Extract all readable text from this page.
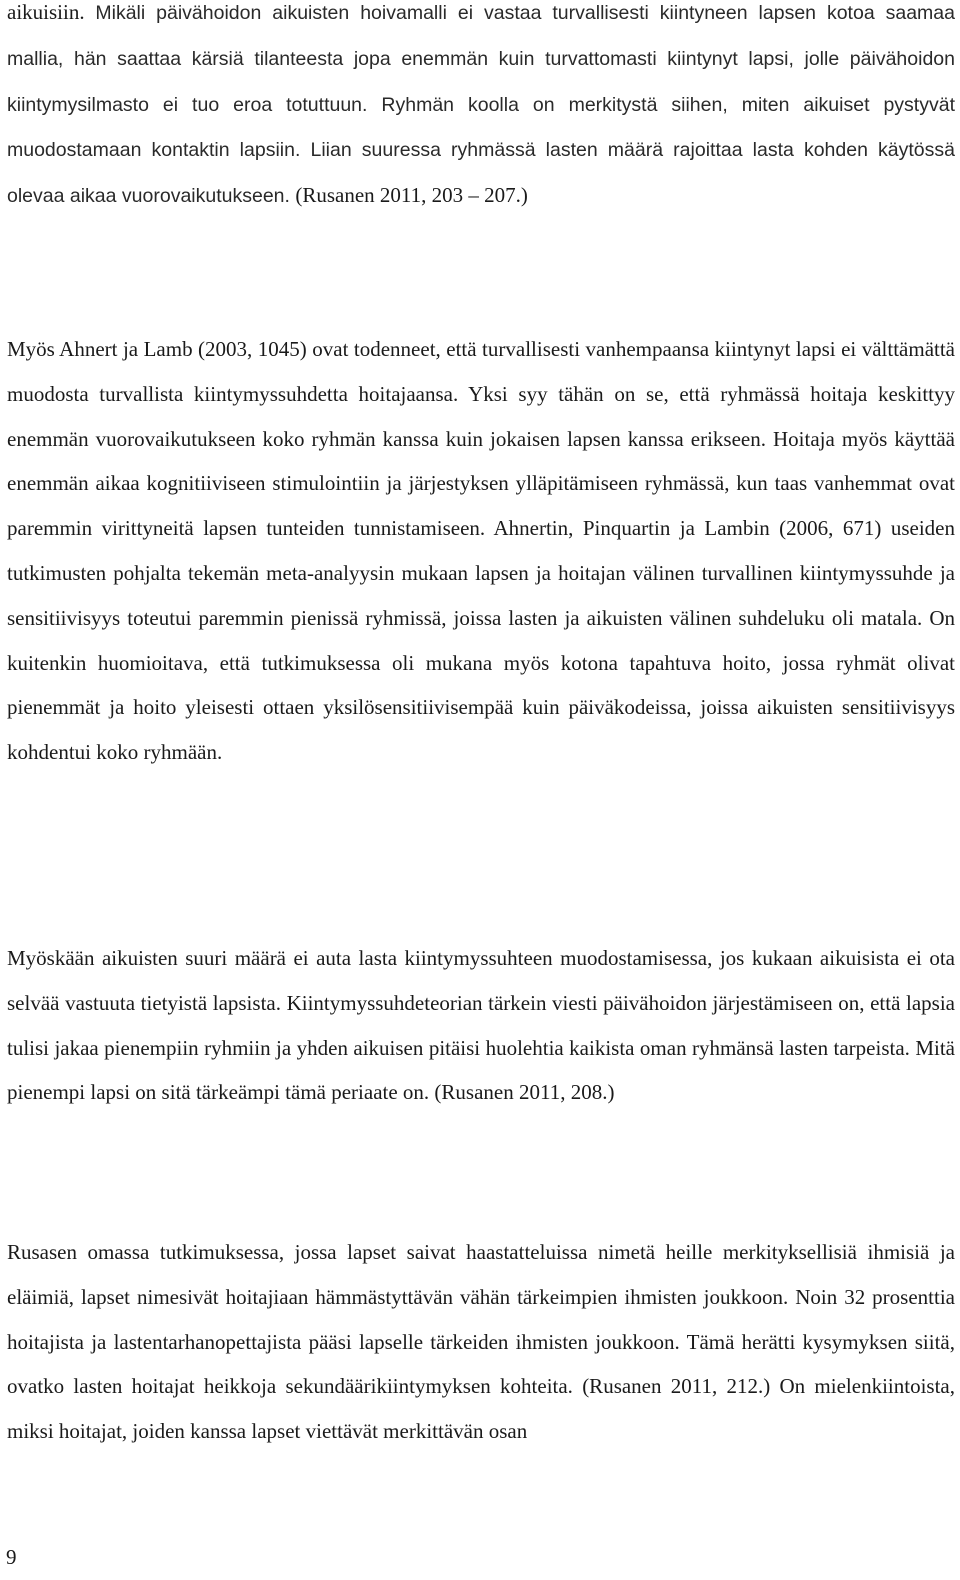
aikuisiin. Mikäli päivähoidon aikuisten hoivamalli ei vastaa turvallisesti kiintyneen lapsen kotoa saamaa mallia, hän saattaa kärsiä tilanteesta jopa enemmän kuin turvattomasti kiintynyt lapsi, jolle päivähoidon kiintymysilmasto ei tuo eroa totuttuun. Ryhmän koolla on merkitystä siihen, miten aikuiset pystyvät muodostamaan kontaktin lapsiin. Liian suuressa ryhmässä lasten määrä rajoittaa lasta kohden käytössä olevaa aikaa vuorovaikutukseen. (Rusanen 2011, 203 – 207.)

Myös Ahnert ja Lamb (2003, 1045) ovat todenneet, että turvallisesti vanhempaansa kiintynyt lapsi ei välttämättä muodosta turvallista kiintymyssuhdetta hoitajaansa. Yksi syy tähän on se, että ryhmässä hoitaja keskittyy enemmän vuorovaikutukseen koko ryhmän kanssa kuin jokaisen lapsen kanssa erikseen. Hoitaja myös käyttää enemmän aikaa kognitiiviseen stimulointiin ja järjestyksen ylläpitämiseen ryhmässä, kun taas vanhemmat ovat paremmin virittyneitä lapsen tunteiden tunnistamiseen. Ahnertin, Pinquartin ja Lambin (2006, 671) useiden tutkimusten pohjalta tekemän meta-analyysin mukaan lapsen ja hoitajan välinen turvallinen kiintymyssuhde ja sensitiivisyys toteutui paremmin pienissä ryhmissä, joissa lasten ja aikuisten välinen suhdeluku oli matala. On kuitenkin huomioitava, että tutkimuksessa oli mukana myös kotona tapahtuva hoito, jossa ryhmät olivat pienemmät ja hoito yleisesti ottaen yksilösensitiivisempää kuin päiväkodeissa, joissa aikuisten sensitiivisyys kohdentui koko ryhmään.

Myöskään aikuisten suuri määrä ei auta lasta kiintymyssuhteen muodostamisessa, jos kukaan aikuisista ei ota selvää vastuuta tietyistä lapsista. Kiintymyssuhdeteorian tärkein viesti päivähoidon järjestämiseen on, että lapsia tulisi jakaa pienempiin ryhmiin ja yhden aikuisen pitäisi huolehtia kaikista oman ryhmänsä lasten tarpeista. Mitä pienempi lapsi on sitä tärkeämpi tämä periaate on. (Rusanen 2011, 208.)

Rusasen omassa tutkimuksessa, jossa lapset saivat haastatteluissa nimetä heille merkityksellisiä ihmisiä ja eläimiä, lapset nimesivät hoitajiaan hämmästyttävän vähän tärkeimpien ihmisten joukkoon. Noin 32 prosenttia hoitajista ja lastentarhanopettajista pääsi lapselle tärkeiden ihmisten joukkoon. Tämä herätti kysymyksen siitä, ovatko lasten hoitajat heikkoja sekundäärikiintymyksen kohteita. (Rusanen 2011, 212.) On mielenkiintoista, miksi hoitajat, joiden kanssa lapset viettävät merkittävän osan

9
